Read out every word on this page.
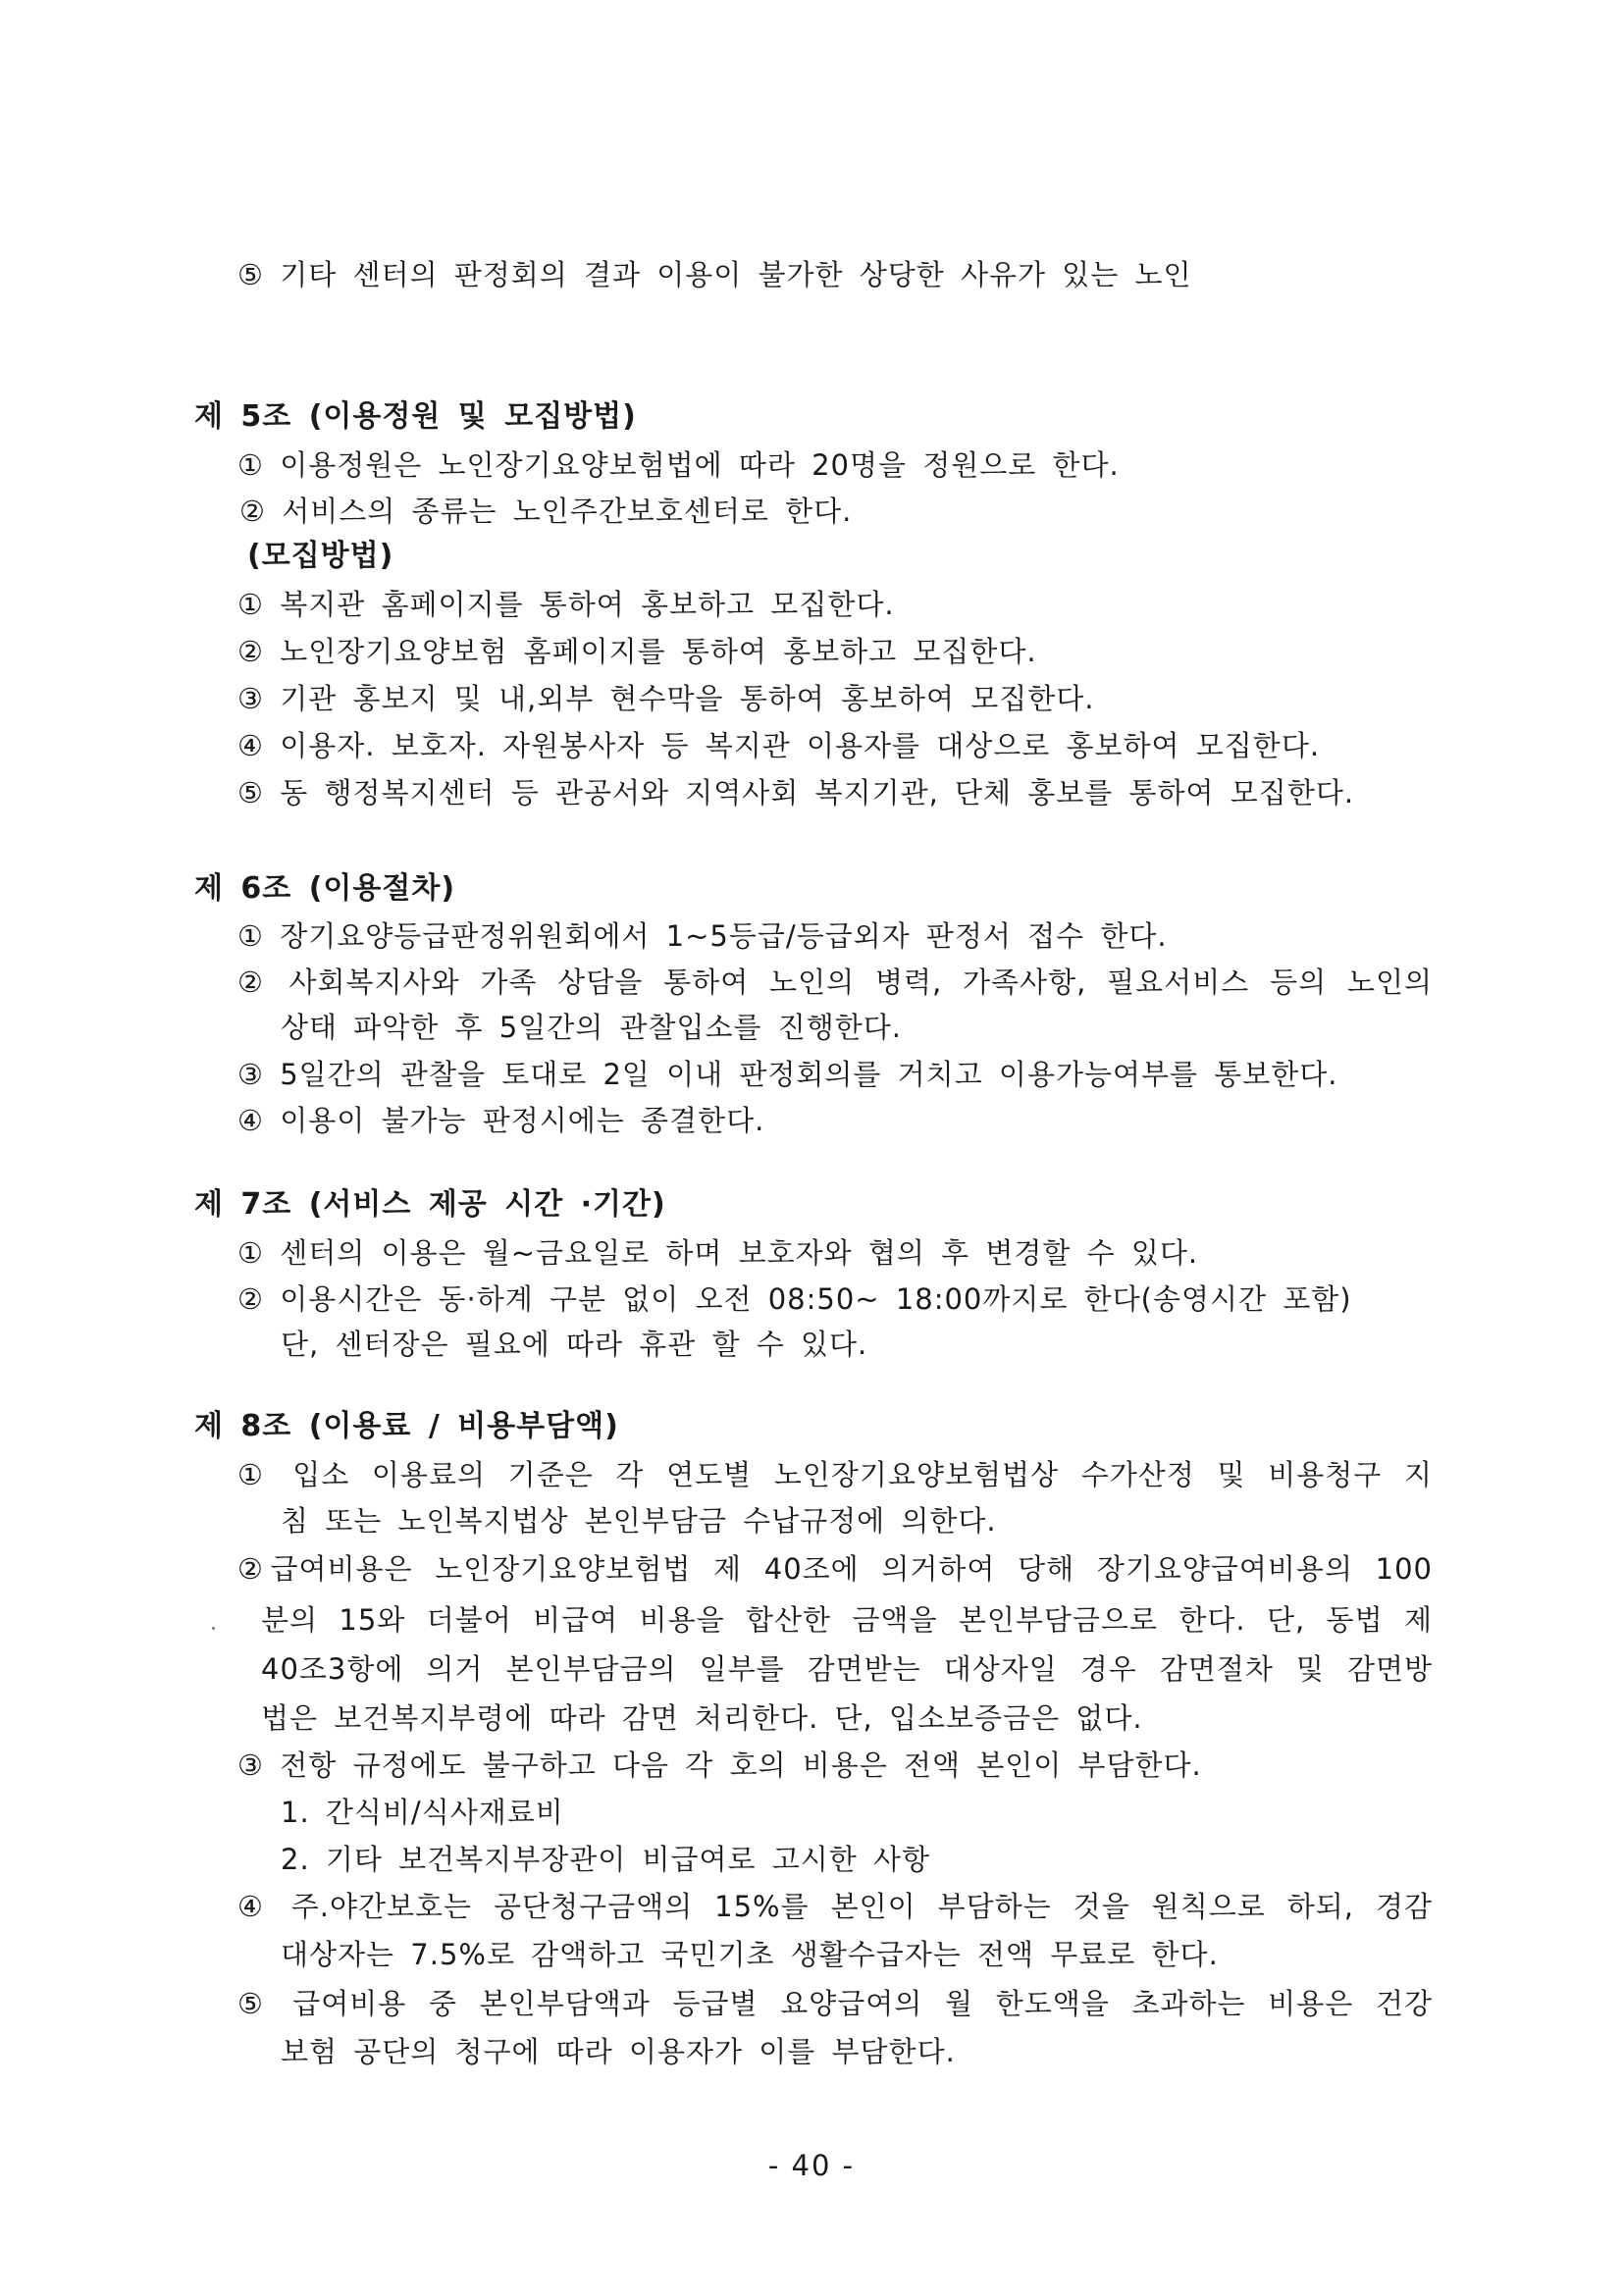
⑤ 기타 센터의 판정회의 결과 이용이 불가한 상당한 사유가 있는 노인
제 5조 (이용정원 및 모집방법)
① 이용정원은 노인장기요양보험법에 따라 20명을 정원으로 한다.
② 서비스의 종류는 노인주간보호센터로 한다.
(모집방법)
① 복지관 홈페이지를 통하여 홍보하고 모집한다.
② 노인장기요양보험 홈페이지를 통하여 홍보하고 모집한다.
③ 기관 홍보지 및 내,외부 현수막을 통하여 홍보하여 모집한다.
④ 이용자. 보호자. 자원봉사자 등 복지관 이용자를 대상으로 홍보하여 모집한다.
⑤ 동 행정복지센터 등 관공서와 지역사회 복지기관, 단체 홍보를 통하여 모집한다.
제 6조 (이용절차)
① 장기요양등급판정위원회에서 1~5등급/등급외자 판정서 접수 한다.
② 사회복지사와 가족 상담을 통하여 노인의 병력, 가족사항, 필요서비스 등의 노인의
상태 파악한 후 5일간의 관찰입소를 진행한다.
③ 5일간의 관찰을 토대로 2일 이내 판정회의를 거치고 이용가능여부를 통보한다.
④ 이용이 불가능 판정시에는 종결한다.
제 7조 (서비스 제공 시간 ·기간)
① 센터의 이용은 월~금요일로 하며 보호자와 협의 후 변경할 수 있다.
② 이용시간은 동·하계 구분 없이 오전 08:50~ 18:00까지로 한다(송영시간 포함)
단, 센터장은 필요에 따라 휴관 할 수 있다.
제 8조 (이용료 / 비용부담액)
① 입소 이용료의 기준은 각 연도별 노인장기요양보험법상 수가산정 및 비용청구 지
침 또는 노인복지법상 본인부담금 수납규정에 의한다.
②급여비용은 노인장기요양보험법 제 40조에 의거하여 당해 장기요양급여비용의 100
분의 15와 더불어 비급여 비용을 합산한 금액을 본인부담금으로 한다. 단, 동법 제
40조3항에 의거 본인부담금의 일부를 감면받는 대상자일 경우 감면절차 및 감면방
법은 보건복지부령에 따라 감면 처리한다. 단, 입소보증금은 없다.
③ 전항 규정에도 불구하고 다음 각 호의 비용은 전액 본인이 부담한다.
1. 간식비/식사재료비
2. 기타 보건복지부장관이 비급여로 고시한 사항
④ 주.야간보호는 공단청구금액의 15%를 본인이 부담하는 것을 원칙으로 하되, 경감
대상자는 7.5%로 감액하고 국민기초 생활수급자는 전액 무료로 한다.
⑤ 급여비용 중 본인부담액과 등급별 요양급여의 월 한도액을 초과하는 비용은 건강
보험 공단의 청구에 따라 이용자가 이를 부담한다.
- 40 -
